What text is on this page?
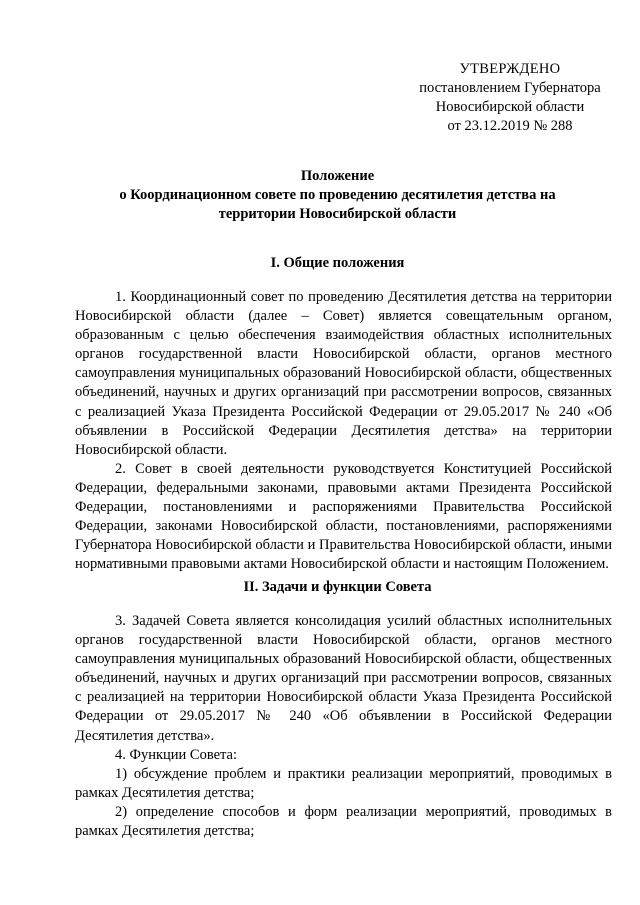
УТВЕРЖДЕНО
постановлением Губернатора
Новосибирской области
от 23.12.2019 № 288
Положение
о Координационном совете по проведению десятилетия детства на
территории Новосибирской области
I. Общие положения

1. Координационный совет по проведению Десятилетия детства на территории Новосибирской области (далее – Совет) является совещательным органом, образованным с целью обеспечения взаимодействия областных исполнительных органов государственной власти Новосибирской области, органов местного самоуправления муниципальных образований Новосибирской области, общественных объединений, научных и других организаций при рассмотрении вопросов, связанных с реализацией Указа Президента Российской Федерации от 29.05.2017 № 240 «Об объявлении в Российской Федерации Десятилетия детства» на территории Новосибирской области.

2. Совет в своей деятельности руководствуется Конституцией Российской Федерации, федеральными законами, правовыми актами Президента Российской Федерации, постановлениями и распоряжениями Правительства Российской Федерации, законами Новосибирской области, постановлениями, распоряжениями Губернатора Новосибирской области и Правительства Новосибирской области, иными нормативными правовыми актами Новосибирской области и настоящим Положением.

II. Задачи и функции Совета

3. Задачей Совета является консолидация усилий областных исполнительных органов государственной власти Новосибирской области, органов местного самоуправления муниципальных образований Новосибирской области, общественных объединений, научных и других организаций при рассмотрении вопросов, связанных с реализацией на территории Новосибирской области Указа Президента Российской Федерации от 29.05.2017 № 240 «Об объявлении в Российской Федерации Десятилетия детства».

4. Функции Совета:

1) обсуждение проблем и практики реализации мероприятий, проводимых в рамках Десятилетия детства;

2) определение способов и форм реализации мероприятий, проводимых в рамках Десятилетия детства;
